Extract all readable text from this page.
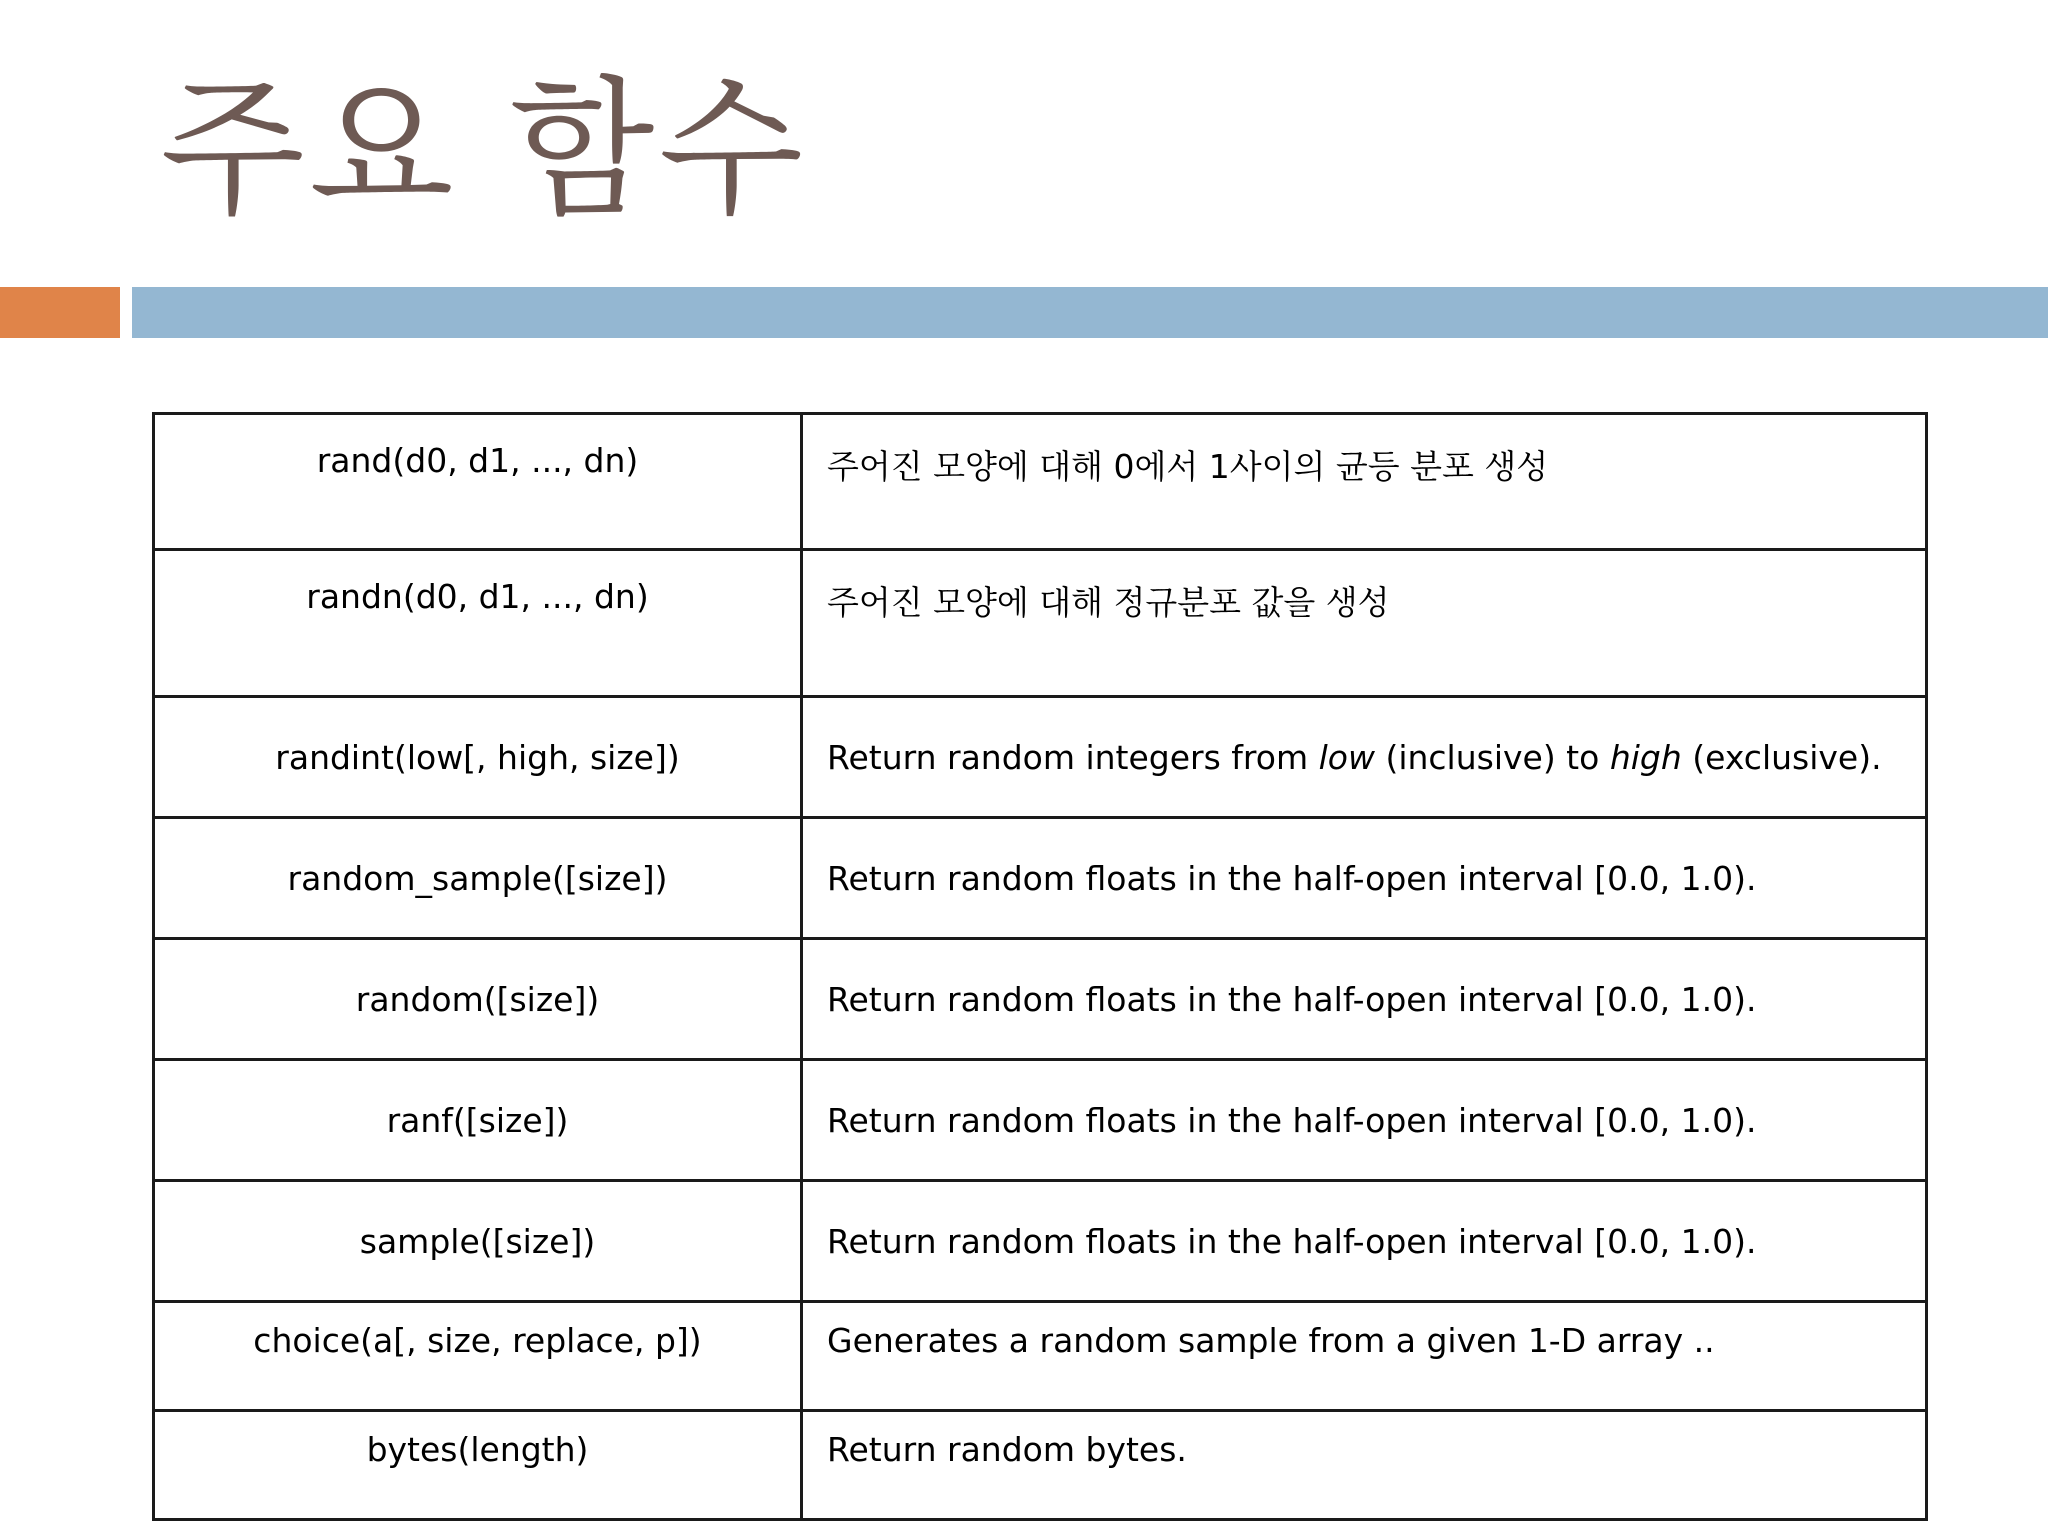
주요 함수
rand(d0, d1, ..., dn)	주어진 모양에 대해 0에서 1사이의 균등 분포 생성
randn(d0, d1, ..., dn)	주어진 모양에 대해 정규분포 값을 생성
randint(low[, high, size])	Return random integers from low (inclusive) to high (exclusive).
random_sample([size])	Return random floats in the half-open interval [0.0, 1.0).
random([size])	Return random floats in the half-open interval [0.0, 1.0).
ranf([size])	Return random floats in the half-open interval [0.0, 1.0).
sample([size])	Return random floats in the half-open interval [0.0, 1.0).
choice(a[, size, replace, p])	Generates a random sample from a given 1-D array ..
bytes(length)	Return random bytes.
